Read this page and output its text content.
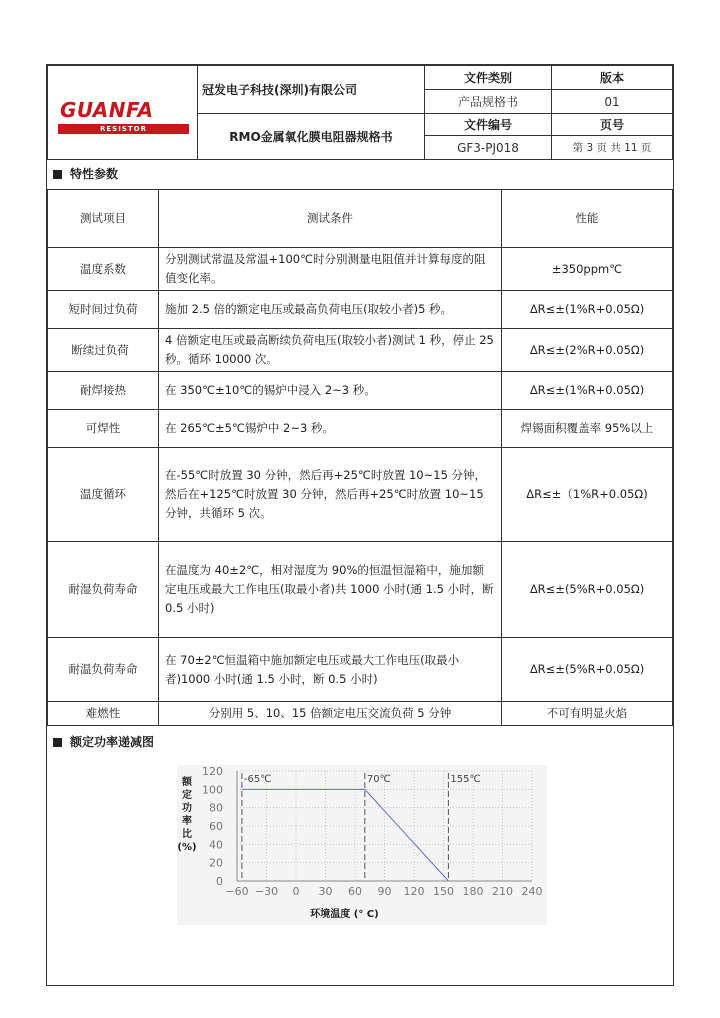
GUANFA
RESISTOR	冠发电子科技(深圳)有限公司	文件类别	版本
		产品规格书	01
	RMO金属氧化膜电阻器规格书	文件编号	页号
		GF3-PJ018	第 3 页 共 11 页
特性参数
测试项目	测试条件	性能
温度系数	分别测试常温及常温+100℃时分别测量电阻值并计算每度的阻值变化率。	±350ppm℃
短时间过负荷	施加 2.5 倍的额定电压或最高负荷电压(取较小者)5 秒。	ΔR≤±(1%R+0.05Ω)
断续过负荷	4 倍额定电压或最高断续负荷电压(取较小者)测试 1 秒，停止 25 秒。循环 10000 次。	ΔR≤±(2%R+0.05Ω)
耐焊接热	在 350℃±10℃的锡炉中浸入 2~3 秒。	ΔR≤±(1%R+0.05Ω)
可焊性	在 265℃±5℃锡炉中 2~3 秒。	焊锡面积覆盖率 95%以上
温度循环	在-55℃时放置 30 分钟，然后再+25℃时放置 10~15 分钟，然后在+125℃时放置 30 分钟，然后再+25℃时放置 10~15 分钟，共循环 5 次。	ΔR≤±（1%R+0.05Ω)
耐湿负荷寿命	在温度为 40±2℃，相对湿度为 90%的恒温恒湿箱中，施加额定电压或最大工作电压(取最小者)共 1000 小时(通 1.5 小时，断 0.5 小时)	ΔR≤±(5%R+0.05Ω)
耐温负荷寿命	在 70±2℃恒温箱中施加额定电压或最大工作电压(取最小者)1000 小时(通 1.5 小时，断 0.5 小时)	ΔR≤±(5%R+0.05Ω)
难燃性	分别用 5、10、15 倍额定电压交流负荷 5 分钟	不可有明显火焰
额定功率递减图
0
20
40
60
80
100
120
−60 −30 0 30 60 90 120 150 180 210 240
-65℃	70℃	155℃
额
定
功
率
比
(%)
环境温度 (° C)
